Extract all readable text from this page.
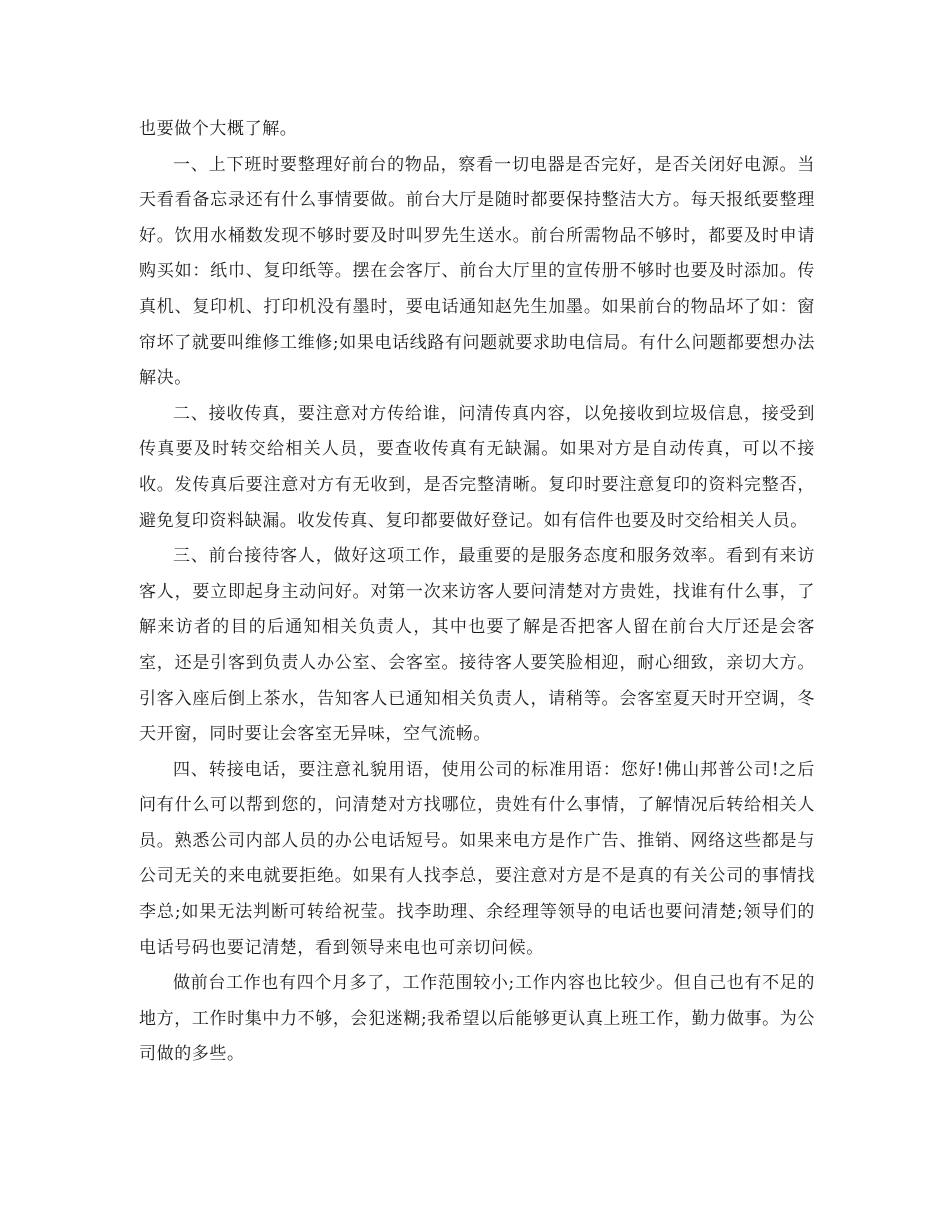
也要做个大概了解。

一、上下班时要整理好前台的物品，察看一切电器是否完好，是否关闭好电源。当天看看备忘录还有什么事情要做。前台大厅是随时都要保持整洁大方。每天报纸要整理好。饮用水桶数发现不够时要及时叫罗先生送水。前台所需物品不够时，都要及时申请购买如：纸巾、复印纸等。摆在会客厅、前台大厅里的宣传册不够时也要及时添加。传真机、复印机、打印机没有墨时，要电话通知赵先生加墨。如果前台的物品坏了如：窗帘坏了就要叫维修工维修;如果电话线路有问题就要求助电信局。有什么问题都要想办法解决。

二、接收传真，要注意对方传给谁，问清传真内容，以免接收到垃圾信息，接受到传真要及时转交给相关人员，要查收传真有无缺漏。如果对方是自动传真，可以不接收。发传真后要注意对方有无收到，是否完整清晰。复印时要注意复印的资料完整否，避免复印资料缺漏。收发传真、复印都要做好登记。如有信件也要及时交给相关人员。

三、前台接待客人，做好这项工作，最重要的是服务态度和服务效率。看到有来访客人，要立即起身主动问好。对第一次来访客人要问清楚对方贵姓，找谁有什么事，了解来访者的目的后通知相关负责人，其中也要了解是否把客人留在前台大厅还是会客室，还是引客到负责人办公室、会客室。接待客人要笑脸相迎，耐心细致，亲切大方。引客入座后倒上茶水，告知客人已通知相关负责人，请稍等。会客室夏天时开空调，冬天开窗，同时要让会客室无异味，空气流畅。

四、转接电话，要注意礼貌用语，使用公司的标准用语：您好!佛山邦普公司!之后问有什么可以帮到您的，问清楚对方找哪位，贵姓有什么事情，了解情况后转给相关人员。熟悉公司内部人员的办公电话短号。如果来电方是作广告、推销、网络这些都是与公司无关的来电就要拒绝。如果有人找李总，要注意对方是不是真的有关公司的事情找李总;如果无法判断可转给祝莹。找李助理、余经理等领导的电话也要问清楚;领导们的电话号码也要记清楚，看到领导来电也可亲切问候。

做前台工作也有四个月多了，工作范围较小;工作内容也比较少。但自己也有不足的地方，工作时集中力不够，会犯迷糊;我希望以后能够更认真上班工作，勤力做事。为公司做的多些。
